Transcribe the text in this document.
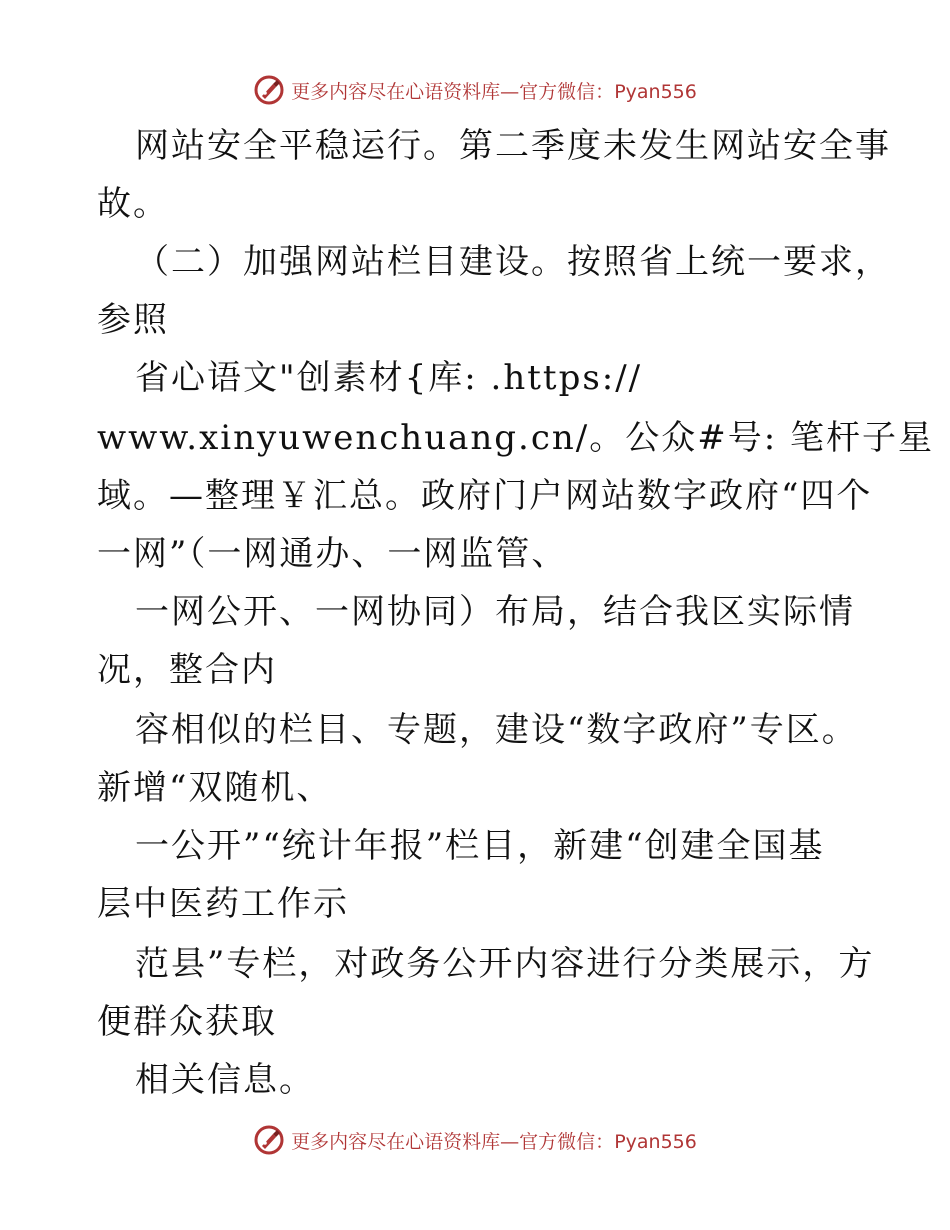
更多内容尽在心语资料库—官方微信：Pyan556
网站安全平稳运行。第二季度未发生网站安全事
故。
（二）加强网站栏目建设。按照省上统一要求，
参照
省心语文"创素材{库: .https://
www.xinyuwenchuang.cn/。公众#号: 笔杆子星
域。—整理￥汇总。政府门户网站数字政府“四个
一网”（一网通办、一网监管、
一网公开、一网协同）布局，结合我区实际情
况，整合内
容相似的栏目、专题，建设“数字政府”专区。
新增“双随机、
一公开”“统计年报”栏目，新建“创建全国基
层中医药工作示
范县”专栏，对政务公开内容进行分类展示，方
便群众获取
相关信息。
更多内容尽在心语资料库—官方微信：Pyan556
